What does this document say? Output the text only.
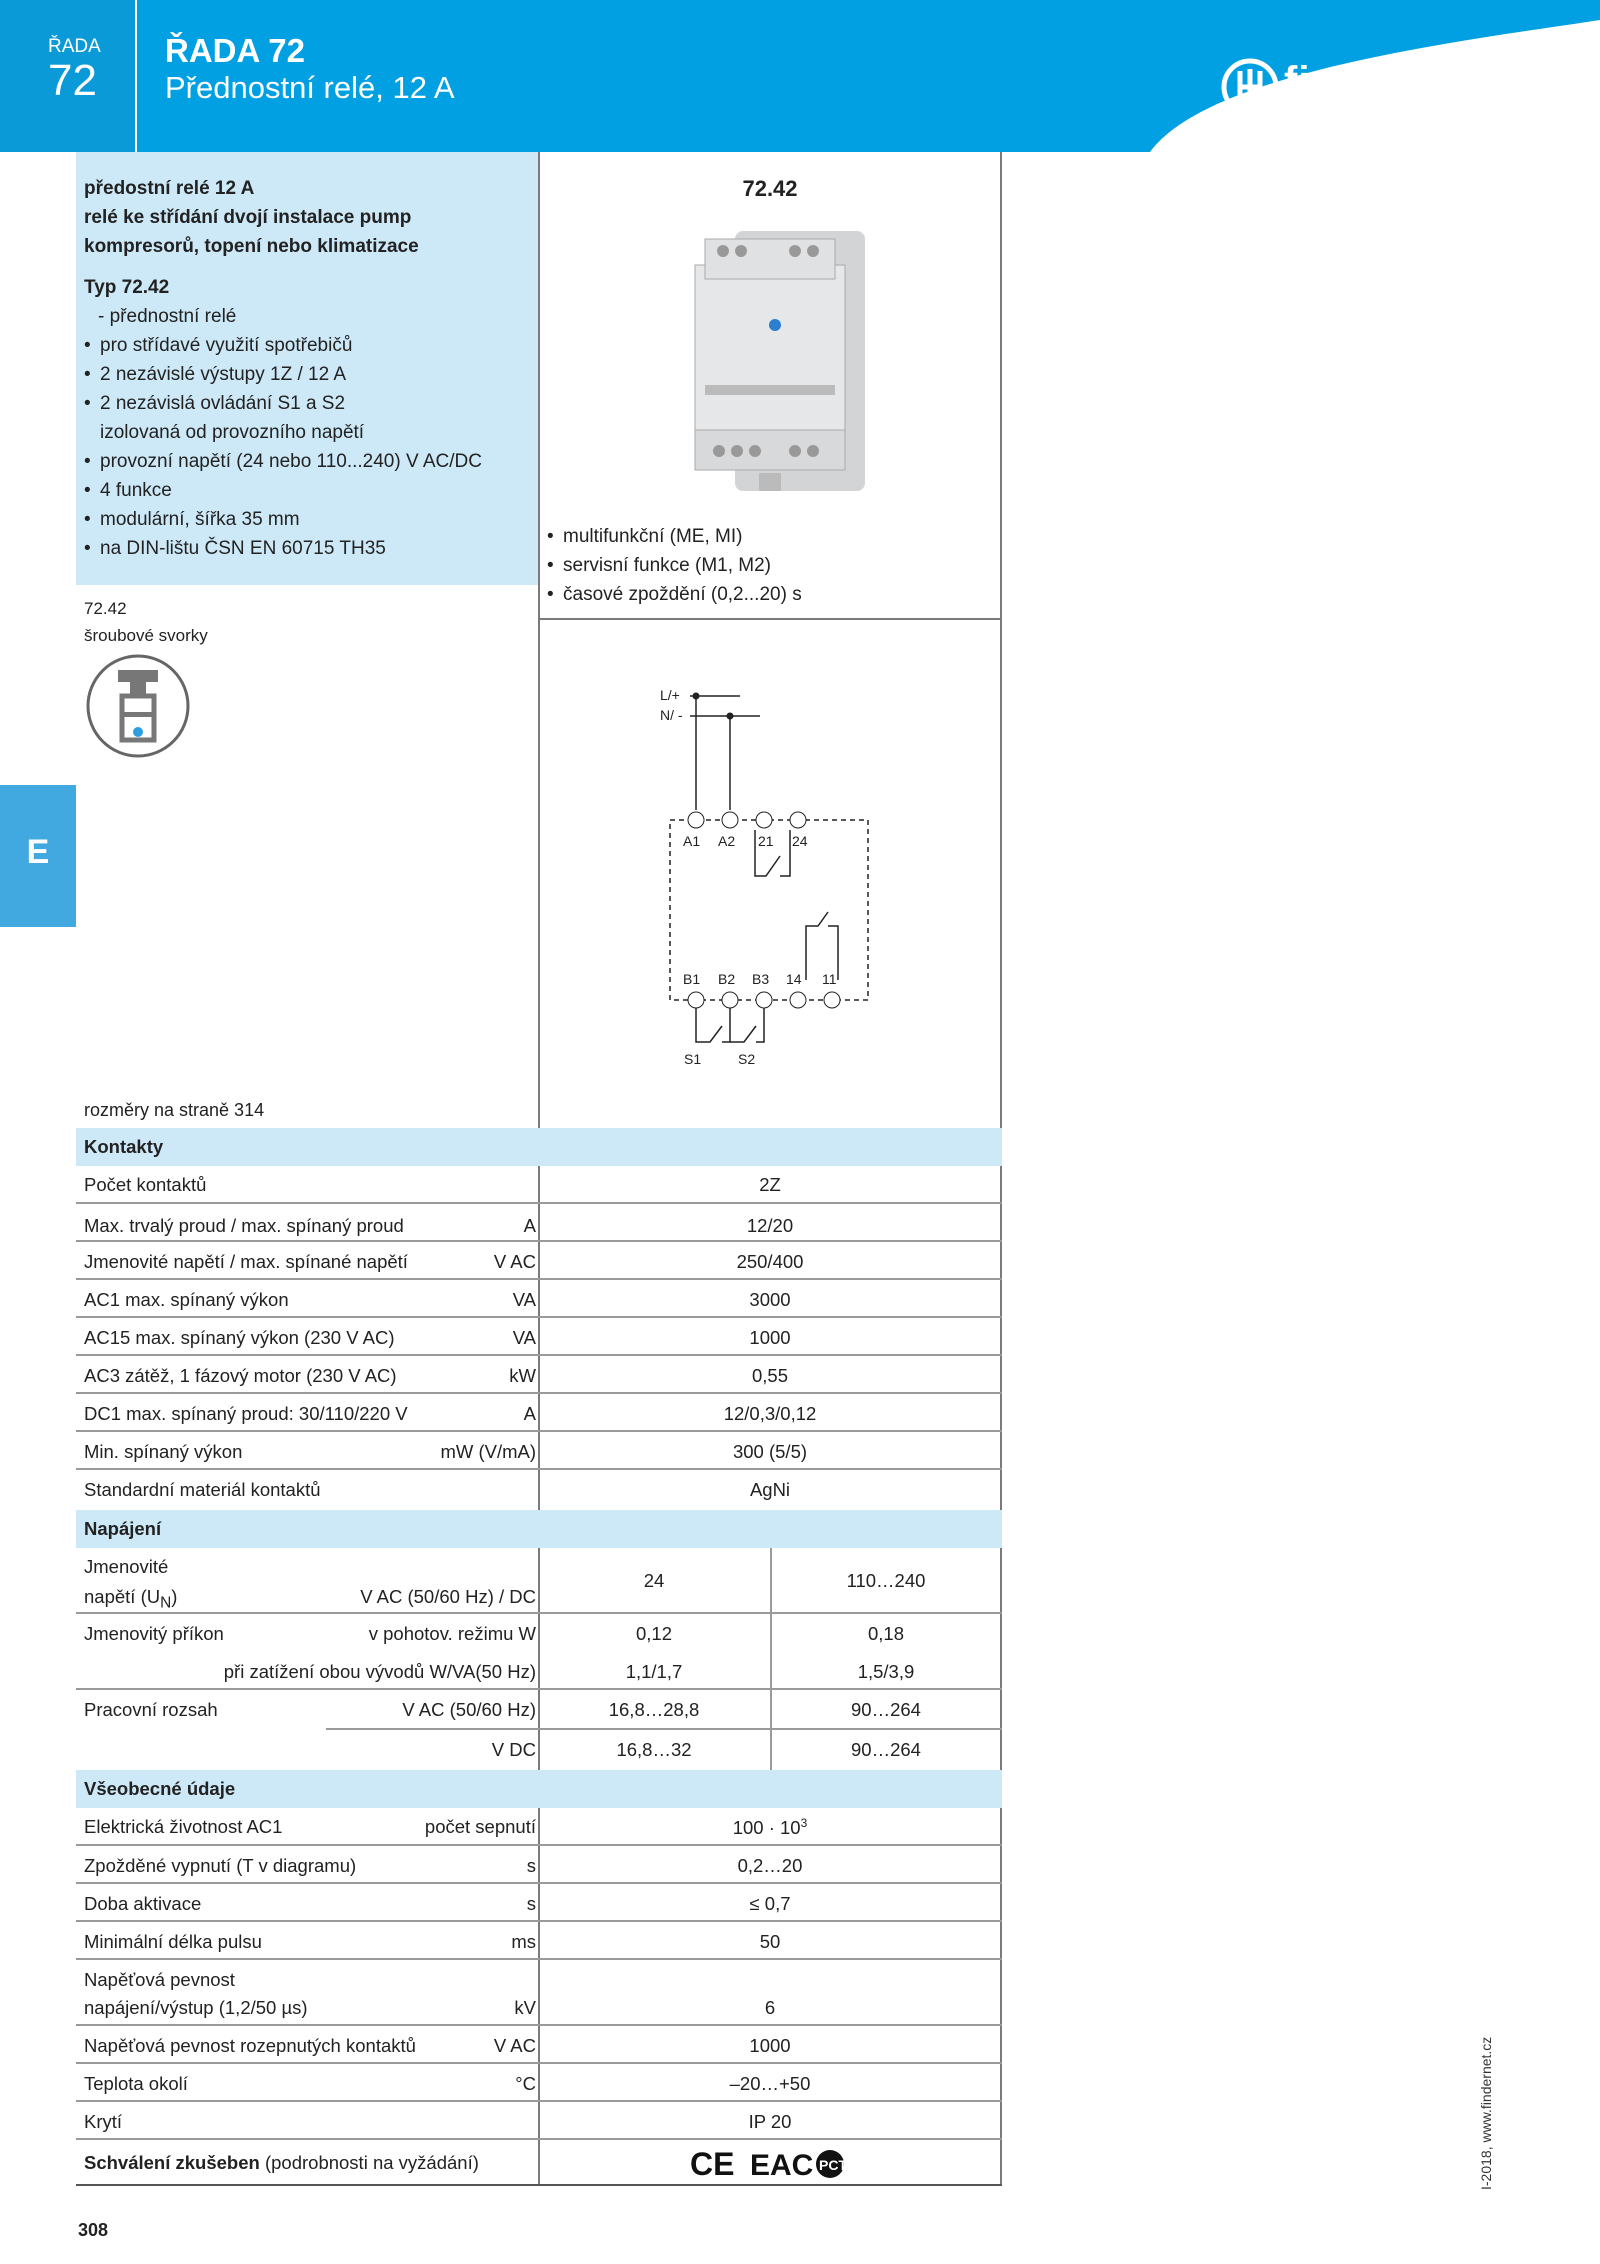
ŘADA
72
ŘADA 72
Přednostní relé, 12 A	finder
E
předostní relé 12 A
relé ke střídání dvojí instalace pump
kompresorů, topení nebo klimatizace
Typ 72.42
- přednostní relé
• pro střídavé využití spotřebičů
• 2 nezávislé výstupy 1Z / 12 A
• 2 nezávislá ovládání S1 a S2
izolovaná od provozního napětí
• provozní napětí (24 nebo 110...240) V AC/DC
• 4 funkce
• modulární, šířka 35 mm
• na DIN-lištu ČSN EN 60715 TH35
72.42
šroubové svorky
72.42
• multifunkční (ME, MI)
• servisní funkce (M1, M2)
• časové zpoždění (0,2...20) s
L/+
N/ -
A1 A2 21 24
B1 B2 B3 14 11
S1	S2
rozměry na straně 314
Kontakty
Počet kontaktů	2Z
Max. trvalý proud / max. spínaný proud	A	12/20
Jmenovité napětí / max. spínané napětí	V AC	250/400
AC1 max. spínaný výkon	VA	3000
AC15 max. spínaný výkon (230 V AC)	VA	1000
AC3 zátěž, 1 fázový motor (230 V AC)	kW	0,55
DC1 max. spínaný proud: 30/110/220 V	A	12/0,3/0,12
Min. spínaný výkon	mW (V/mA)	300 (5/5)
Standardní materiál kontaktů	AgNi
Napájení
Jmenovité
napětí $(U_N)$	V AC (50/60 Hz) / DC
24	110…240
Jmenovitý příkon	v pohotov. režimu W	0,12	0,18
při zatížení obou vývodů W/VA(50 Hz)	1,1/1,7	1,5/3,9
Pracovní rozsah	V AC (50/60 Hz)	16,8…28,8	90…264
V DC	16,8…32	90…264
Všeobecné údaje
Elektrická životnost AC1	počet sepnutí	$100 \cdot 10^3$
Zpožděné vypnutí (T v diagramu)	s	0,2…20
Doba aktivace	s	≤ 0,7
Minimální délka pulsu	ms	50
Napěťová pevnost
napájení/výstup (1,2/50 µs)	kV	6
Napěťová pevnost rozepnutých kontaktů	V AC	1000
Teplota okolí	°C	–20…+50
Krytí	IP 20
Schválení zkušeben (podrobnosti na vyžádání)	CE EAC PCT
308
I-2018, www.findernet.cz
